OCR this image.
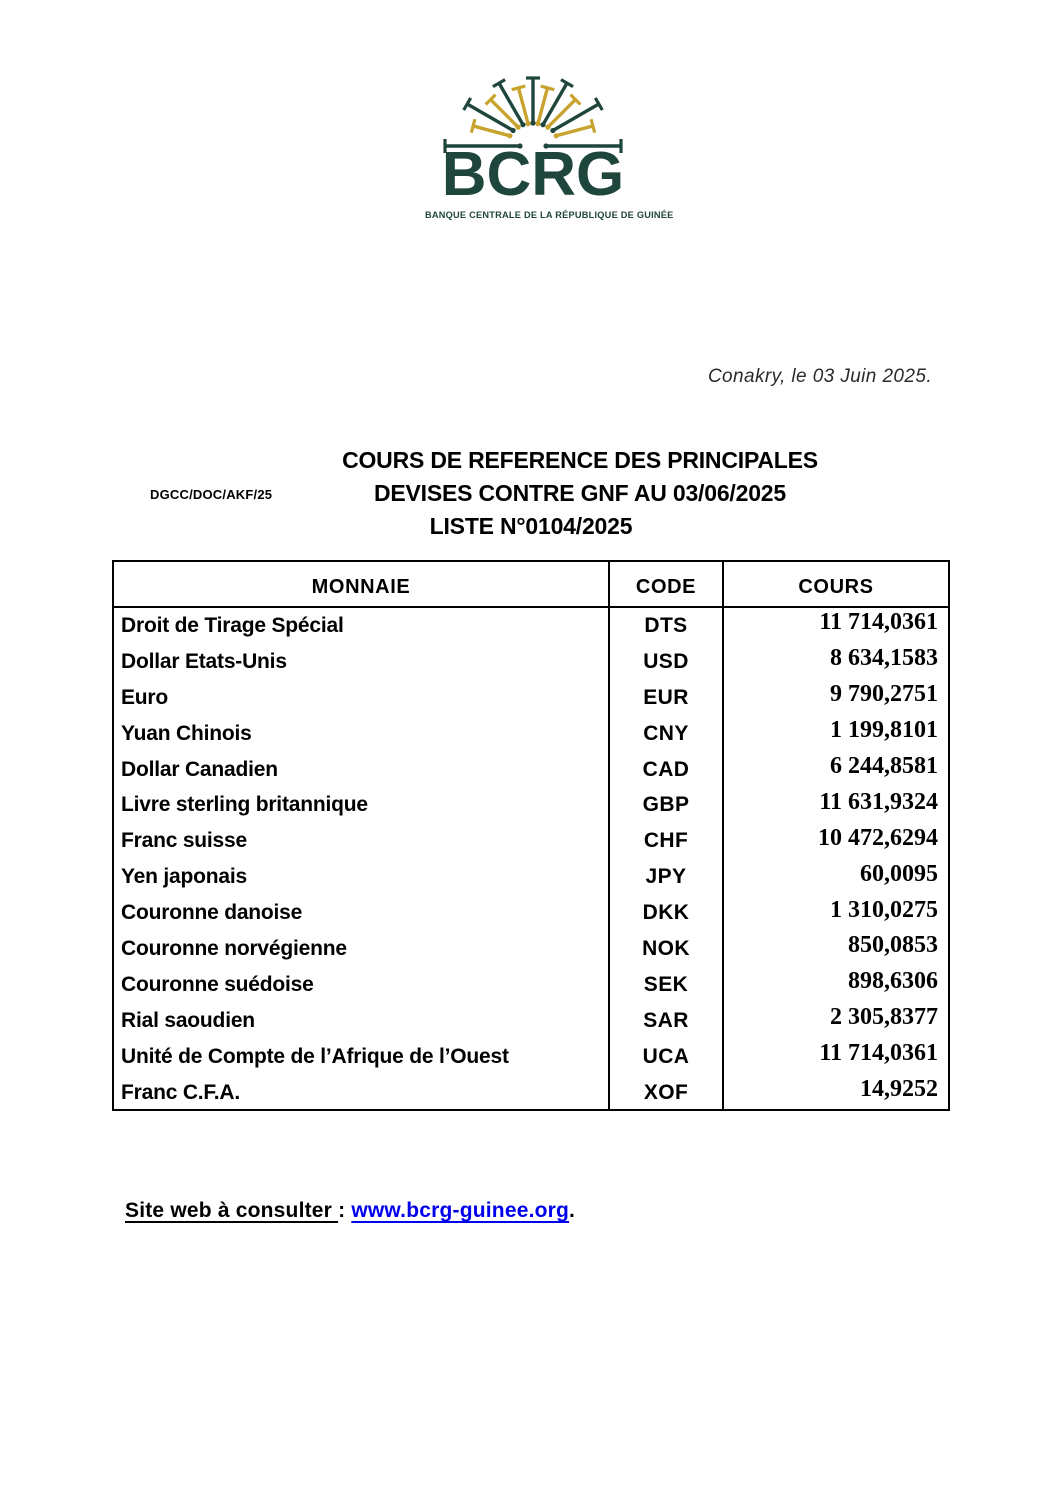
BCRG
BANQUE CENTRALE DE LA RÉPUBLIQUE DE GUINÉE
Conakry, le 03 Juin 2025.
DGCC/DOC/AKF/25
COURS DE REFERENCE DES PRINCIPALES
DEVISES CONTRE GNF AU 03/06/2025
LISTE N°0104/2025
MONNAIE	CODE	COURS
Droit de Tirage Spécial	DTS	11 714,0361
Dollar Etats-Unis	USD	8 634,1583
Euro	EUR	9 790,2751
Yuan Chinois	CNY	1 199,8101
Dollar Canadien	CAD	6 244,8581
Livre sterling britannique	GBP	11 631,9324
Franc suisse	CHF	10 472,6294
Yen japonais	JPY	60,0095
Couronne danoise	DKK	1 310,0275
Couronne norvégienne	NOK	850,0853
Couronne suédoise	SEK	898,6306
Rial saoudien	SAR	2 305,8377
Unité de Compte de l’Afrique de l’Ouest	UCA	11 714,0361
Franc C.F.A.	XOF	14,9252
Site web à consulter : www.bcrg-guinee.org.
